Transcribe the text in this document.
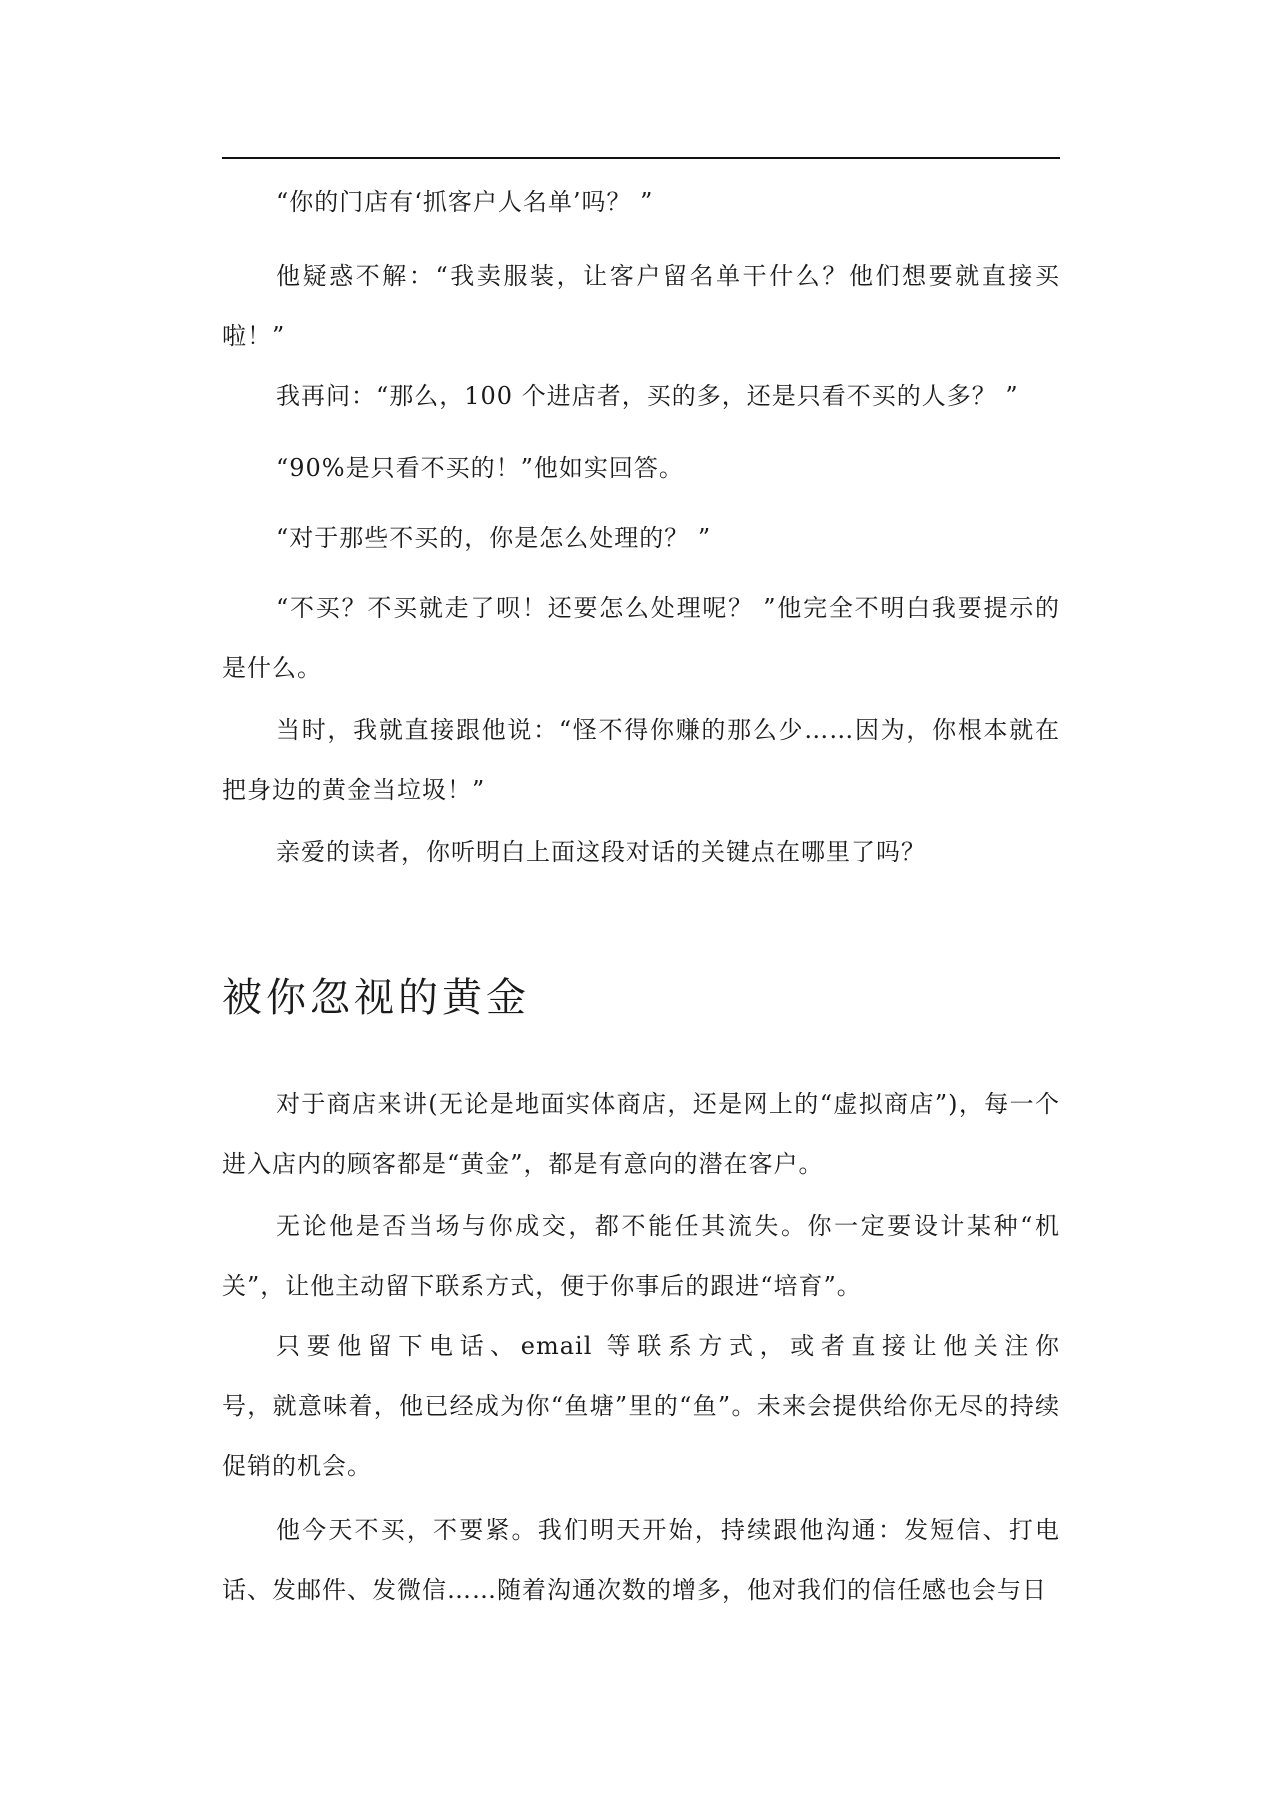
“你的门店有‘抓客户人名单’吗？ ”

他疑惑不解：“我卖服装，让客户留名单干什么？他们想要就直接买啦！”

我再问：“那么，100 个进店者，买的多，还是只看不买的人多？ ”

“90%是只看不买的！”他如实回答。

“对于那些不买的，你是怎么处理的？ ”

“不买？不买就走了呗！还要怎么处理呢？ ”他完全不明白我要提示的是什么。

当时，我就直接跟他说：“怪不得你赚的那么少……因为，你根本就在把身边的黄金当垃圾！”

亲爱的读者，你听明白上面这段对话的关键点在哪里了吗？

被你忽视的黄金

对于商店来讲(无论是地面实体商店，还是网上的“虚拟商店”)，每一个进入店内的顾客都是“黄金”，都是有意向的潜在客户。

无论他是否当场与你成交，都不能任其流失。你一定要设计某种“机关”，让他主动留下联系方式，便于你事后的跟进“培育”。

只要他留下电话、email 等联系方式，或者直接让他关注你　　　　号，就意味着，他已经成为你“鱼塘”里的“鱼”。未来会提供给你无尽的持续促销的机会。

他今天不买，不要紧。我们明天开始，持续跟他沟通：发短信、打电话、发邮件、发微信……随着沟通次数的增多，他对我们的信任感也会与日
